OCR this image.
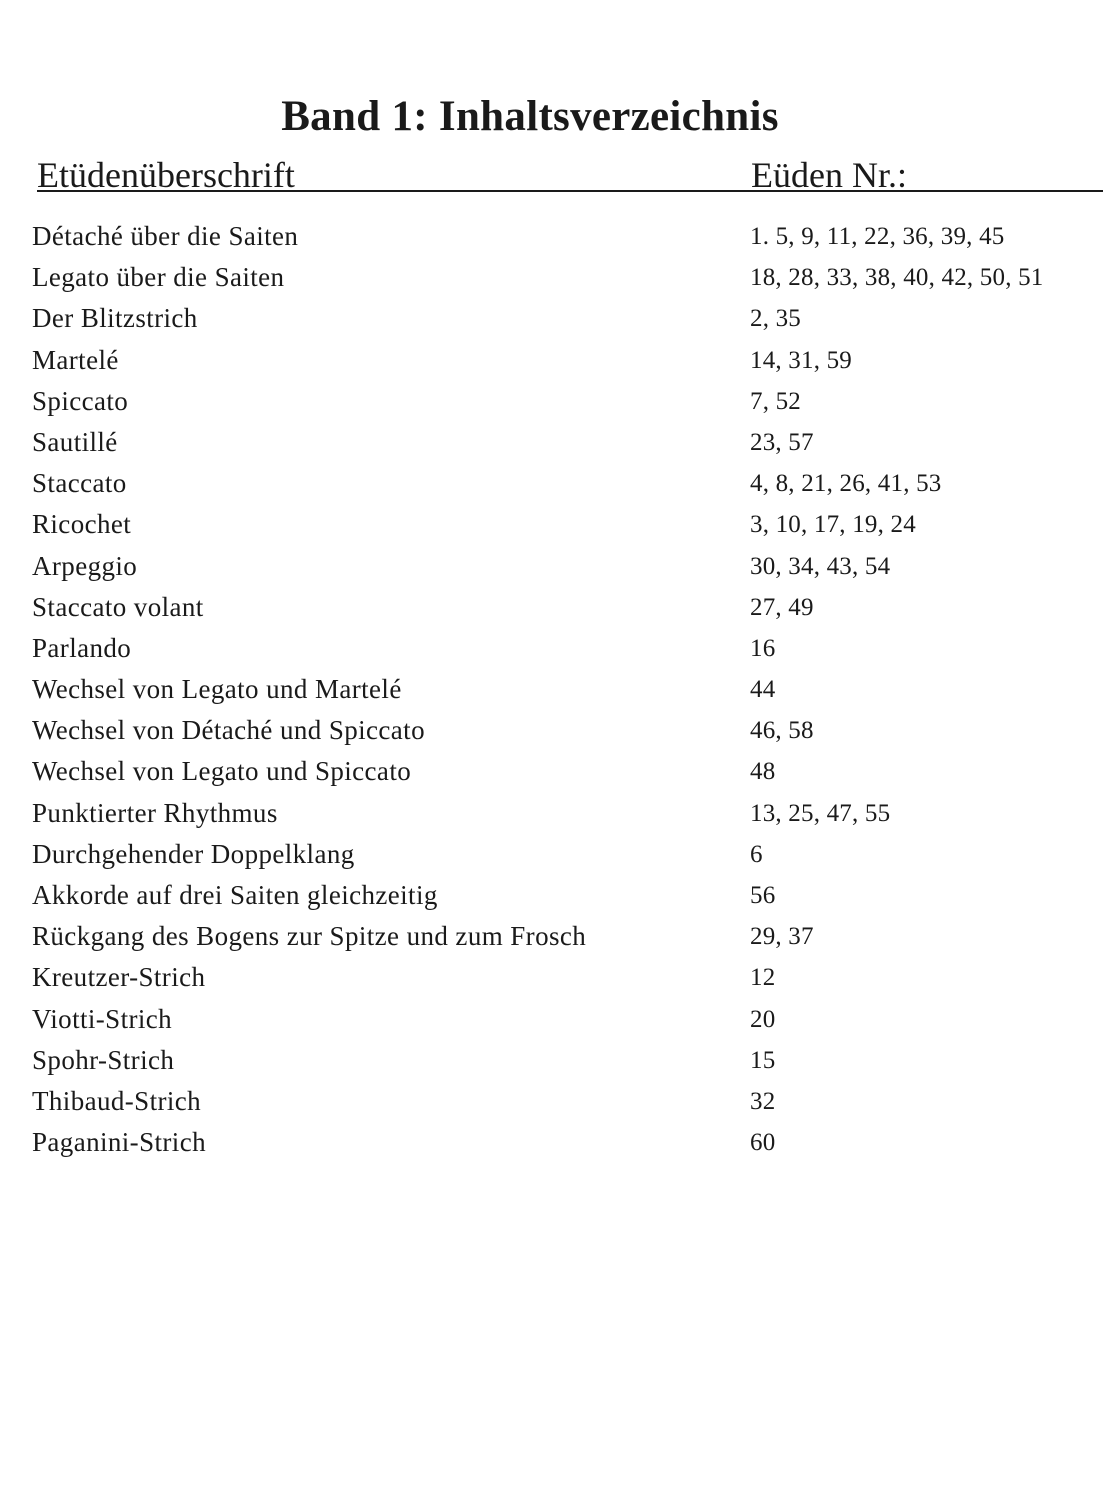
Band 1: Inhaltsverzeichnis
Etüdenüberschrift	Eüden Nr.:
Détaché über die Saiten	1. 5, 9, 11, 22, 36, 39, 45
Legato über die Saiten	18, 28, 33, 38, 40, 42, 50, 51
Der Blitzstrich	2, 35
Martelé	14, 31, 59
Spiccato	7, 52
Sautillé	23, 57
Staccato	4, 8, 21, 26, 41, 53
Ricochet	3, 10, 17, 19, 24
Arpeggio	30, 34, 43, 54
Staccato volant	27, 49
Parlando	16
Wechsel von Legato und Martelé	44
Wechsel von Détaché und Spiccato	46, 58
Wechsel von Legato und Spiccato	48
Punktierter Rhythmus	13, 25, 47, 55
Durchgehender Doppelklang	6
Akkorde auf drei Saiten gleichzeitig	56
Rückgang des Bogens zur Spitze und zum Frosch	29, 37
Kreutzer-Strich	12
Viotti-Strich	20
Spohr-Strich	15
Thibaud-Strich	32
Paganini-Strich	60
